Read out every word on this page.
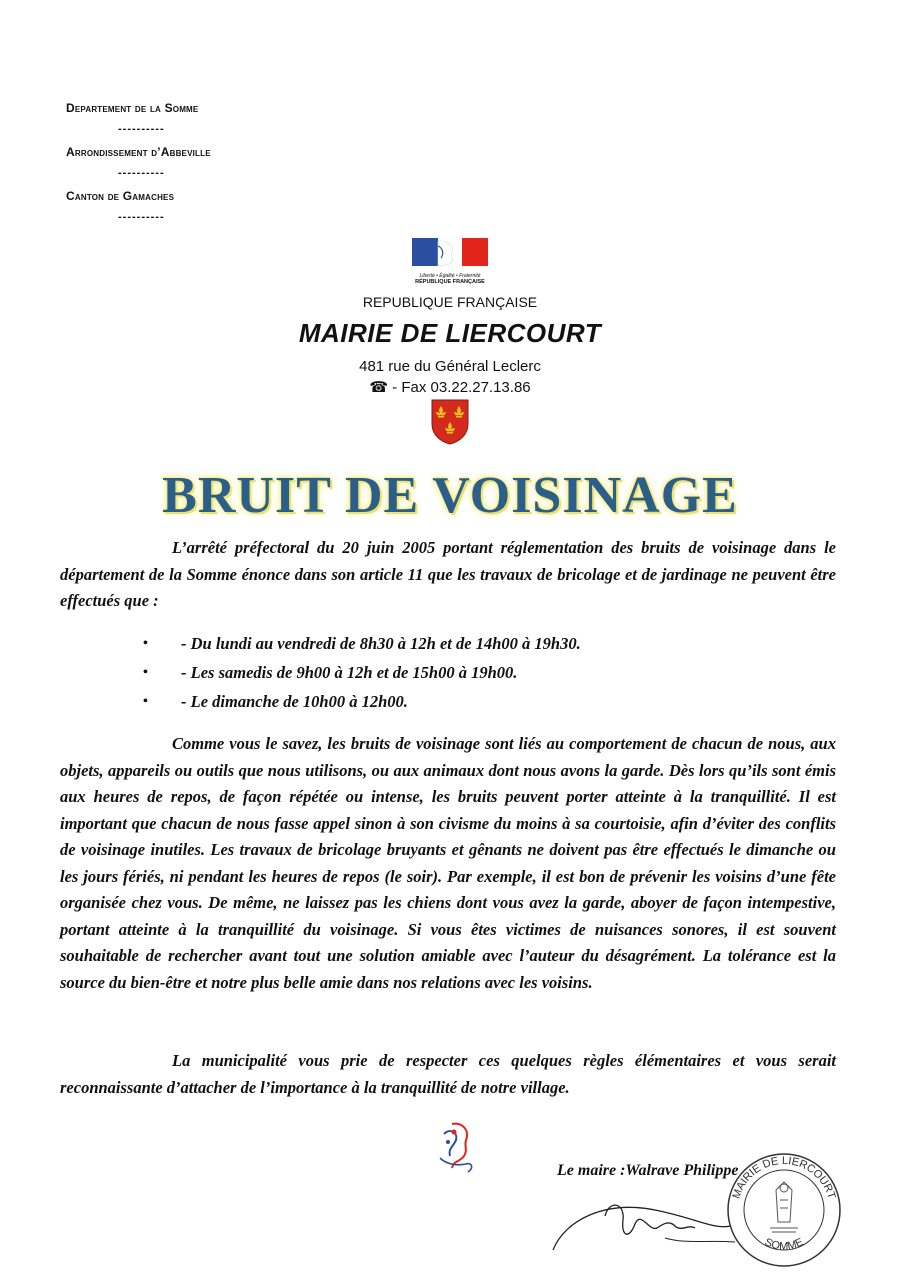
Departement de la Somme
----------
Arrondissement d’Abbeville
----------
Canton de Gamaches
----------
Liberté • Égalité • Fraternité
RÉPUBLIQUE FRANÇAISE
REPUBLIQUE FRANÇAISE
MAIRIE DE LIERCOURT
481 rue du Général Leclerc
☎ - Fax 03.22.27.13.86
BRUIT DE VOISINAGE
L’arrêté préfectoral du 20 juin 2005 portant réglementation des bruits de voisinage dans le département de la Somme énonce dans son article 11 que les travaux de bricolage et de jardinage ne peuvent être effectués que :
• - Du lundi au vendredi de 8h30 à 12h et de 14h00 à 19h30.
• - Les samedis de 9h00 à 12h et de 15h00 à 19h00.
• - Le dimanche de 10h00 à 12h00.
Comme vous le savez, les bruits de voisinage sont liés au comportement de chacun de nous, aux objets, appareils ou outils que nous utilisons, ou aux animaux dont nous avons la garde. Dès lors qu’ils sont émis aux heures de repos, de façon répétée ou intense, les bruits peuvent porter atteinte à la tranquillité. Il est important que chacun de nous fasse appel sinon à son civisme du moins à sa courtoisie, afin d’éviter des conflits de voisinage inutiles. Les travaux de bricolage bruyants et gênants ne doivent pas être effectués le dimanche ou les jours fériés, ni pendant les heures de repos (le soir). Par exemple, il est bon de prévenir les voisins d’une fête organisée chez vous. De même, ne laissez pas les chiens dont vous avez la garde, aboyer de façon intempestive, portant atteinte à la tranquillité du voisinage. Si vous êtes victimes de nuisances sonores, il est souvent souhaitable de rechercher avant tout une solution amiable avec l’auteur du désagrément. La tolérance est la source du bien-être et notre plus belle amie dans nos relations avec les voisins.
La municipalité vous prie de respecter ces quelques règles élémentaires et vous serait reconnaissante d’attacher de l’importance à la tranquillité de notre village.
Le maire :Walrave Philippe
MAIRIE DE LIERCOURT
SOMME
